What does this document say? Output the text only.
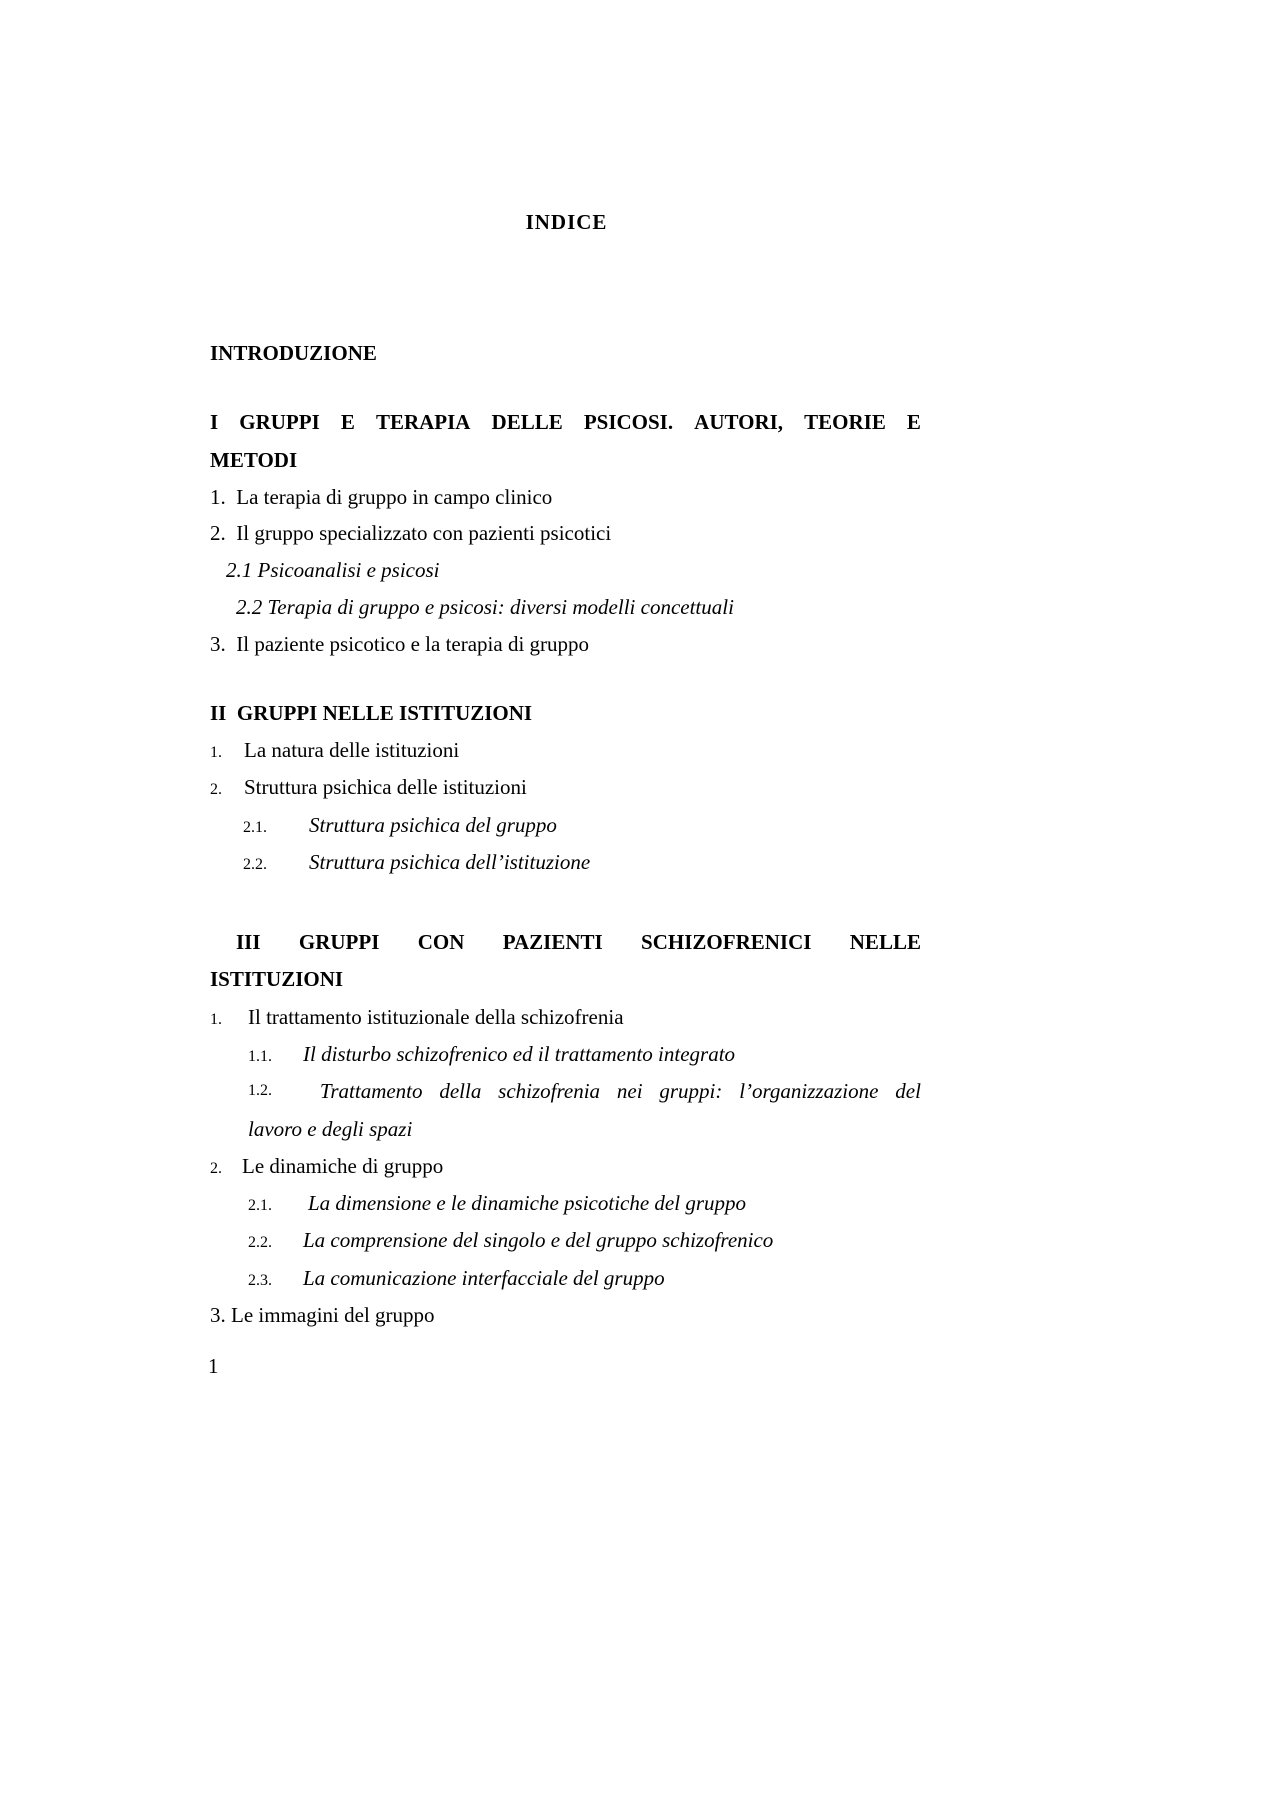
INDICE
INTRODUZIONE
I GRUPPI E TERAPIA DELLE PSICOSI. AUTORI, TEORIE E
METODI
1. La terapia di gruppo in campo clinico
2. Il gruppo specializzato con pazienti psicotici
2.1 Psicoanalisi e psicosi
2.2 Terapia di gruppo e psicosi: diversi modelli concettuali
3. Il paziente psicotico e la terapia di gruppo
II GRUPPI NELLE ISTITUZIONI
1. La natura delle istituzioni
2. Struttura psichica delle istituzioni
2.1. Struttura psichica del gruppo
2.2. Struttura psichica dell’istituzione
III GRUPPI CON PAZIENTI SCHIZOFRENICI NELLE
ISTITUZIONI
1. Il trattamento istituzionale della schizofrenia
1.1. Il disturbo schizofrenico ed il trattamento integrato
1.2.	Trattamento della schizofrenia nei gruppi: l’organizzazione del
lavoro e degli spazi
2. Le dinamiche di gruppo
2.1. La dimensione e le dinamiche psicotiche del gruppo
2.2. La comprensione del singolo e del gruppo schizofrenico
2.3. La comunicazione interfacciale del gruppo
3. Le immagini del gruppo
1
